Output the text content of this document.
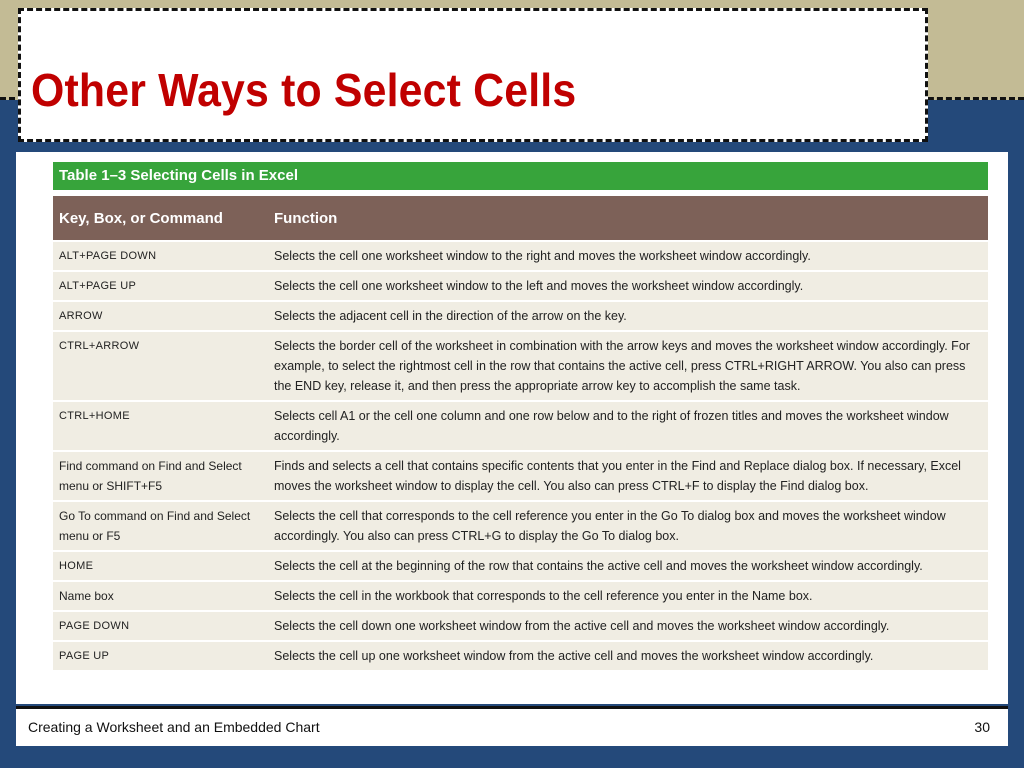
Other Ways to Select Cells
Table 1–3 Selecting Cells in Excel
Key, Box, or Command	Function
ALT+PAGE DOWN	Selects the cell one worksheet window to the right and moves the worksheet window accordingly.
ALT+PAGE UP	Selects the cell one worksheet window to the left and moves the worksheet window accordingly.
ARROW	Selects the adjacent cell in the direction of the arrow on the key.
CTRL+ARROW	Selects the border cell of the worksheet in combination with the arrow keys and moves the worksheet window accordingly. For example, to select the rightmost cell in the row that contains the active cell, press CTRL+RIGHT ARROW. You also can press the END key, release it, and then press the appropriate arrow key to accomplish the same task.
CTRL+HOME	Selects cell A1 or the cell one column and one row below and to the right of frozen titles and moves the worksheet window accordingly.
Find command on Find and Select menu or SHIFT+F5	Finds and selects a cell that contains specific contents that you enter in the Find and Replace dialog box. If necessary, Excel moves the worksheet window to display the cell. You also can press CTRL+F to display the Find dialog box.
Go To command on Find and Select menu or F5	Selects the cell that corresponds to the cell reference you enter in the Go To dialog box and moves the worksheet window accordingly. You also can press CTRL+G to display the Go To dialog box.
HOME	Selects the cell at the beginning of the row that contains the active cell and moves the worksheet window accordingly.
Name box	Selects the cell in the workbook that corresponds to the cell reference you enter in the Name box.
PAGE DOWN	Selects the cell down one worksheet window from the active cell and moves the worksheet window accordingly.
PAGE UP	Selects the cell up one worksheet window from the active cell and moves the worksheet window accordingly.
Creating a Worksheet and an Embedded Chart	30
